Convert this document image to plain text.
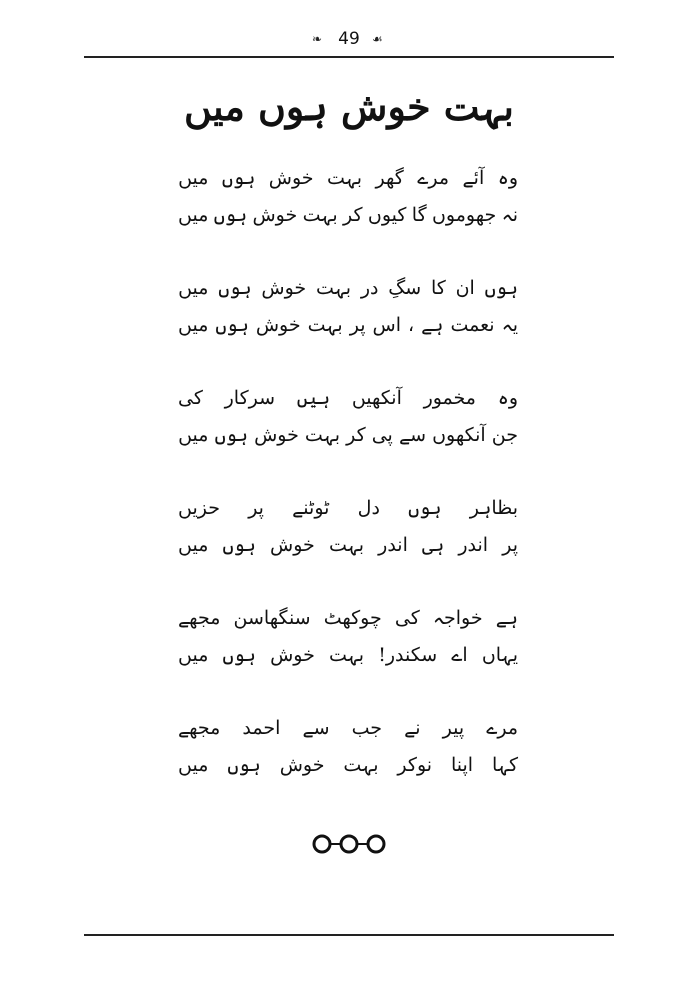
❧ 49	☙
بہت خوش ہوں میں
وہ
آئے
مرے
گھر
بہت
خوش
ہوں
میں
نہ
جھوموں
گا
کیوں
کر
بہت
خوش
ہوں
میں
ہوں
ان
کا
سگِ
در
بہت
خوش
ہوں
میں
یہ
نعمت
ہے
،
اس
پر
بہت
خوش
ہوں
میں
وہ
مخمور
آنکھیں
ہیں
سرکار
کی
جن
آنکھوں
سے
پی
کر
بہت
خوش
ہوں
میں
بظاہر
ہوں
دل
ٹوٹنے
پر
حزیں
پر
اندر
ہی
اندر
بہت
خوش
ہوں
میں
ہے
خواجہ
کی
چوکھٹ
سنگھاسن
مجھے
یہاں
اے
سکندر!
بہت
خوش
ہوں
میں
مرے
پیر
نے
جب
سے
احمد
مجھے
کہا
اپنا
نوکر
بہت
خوش
ہوں
میں
